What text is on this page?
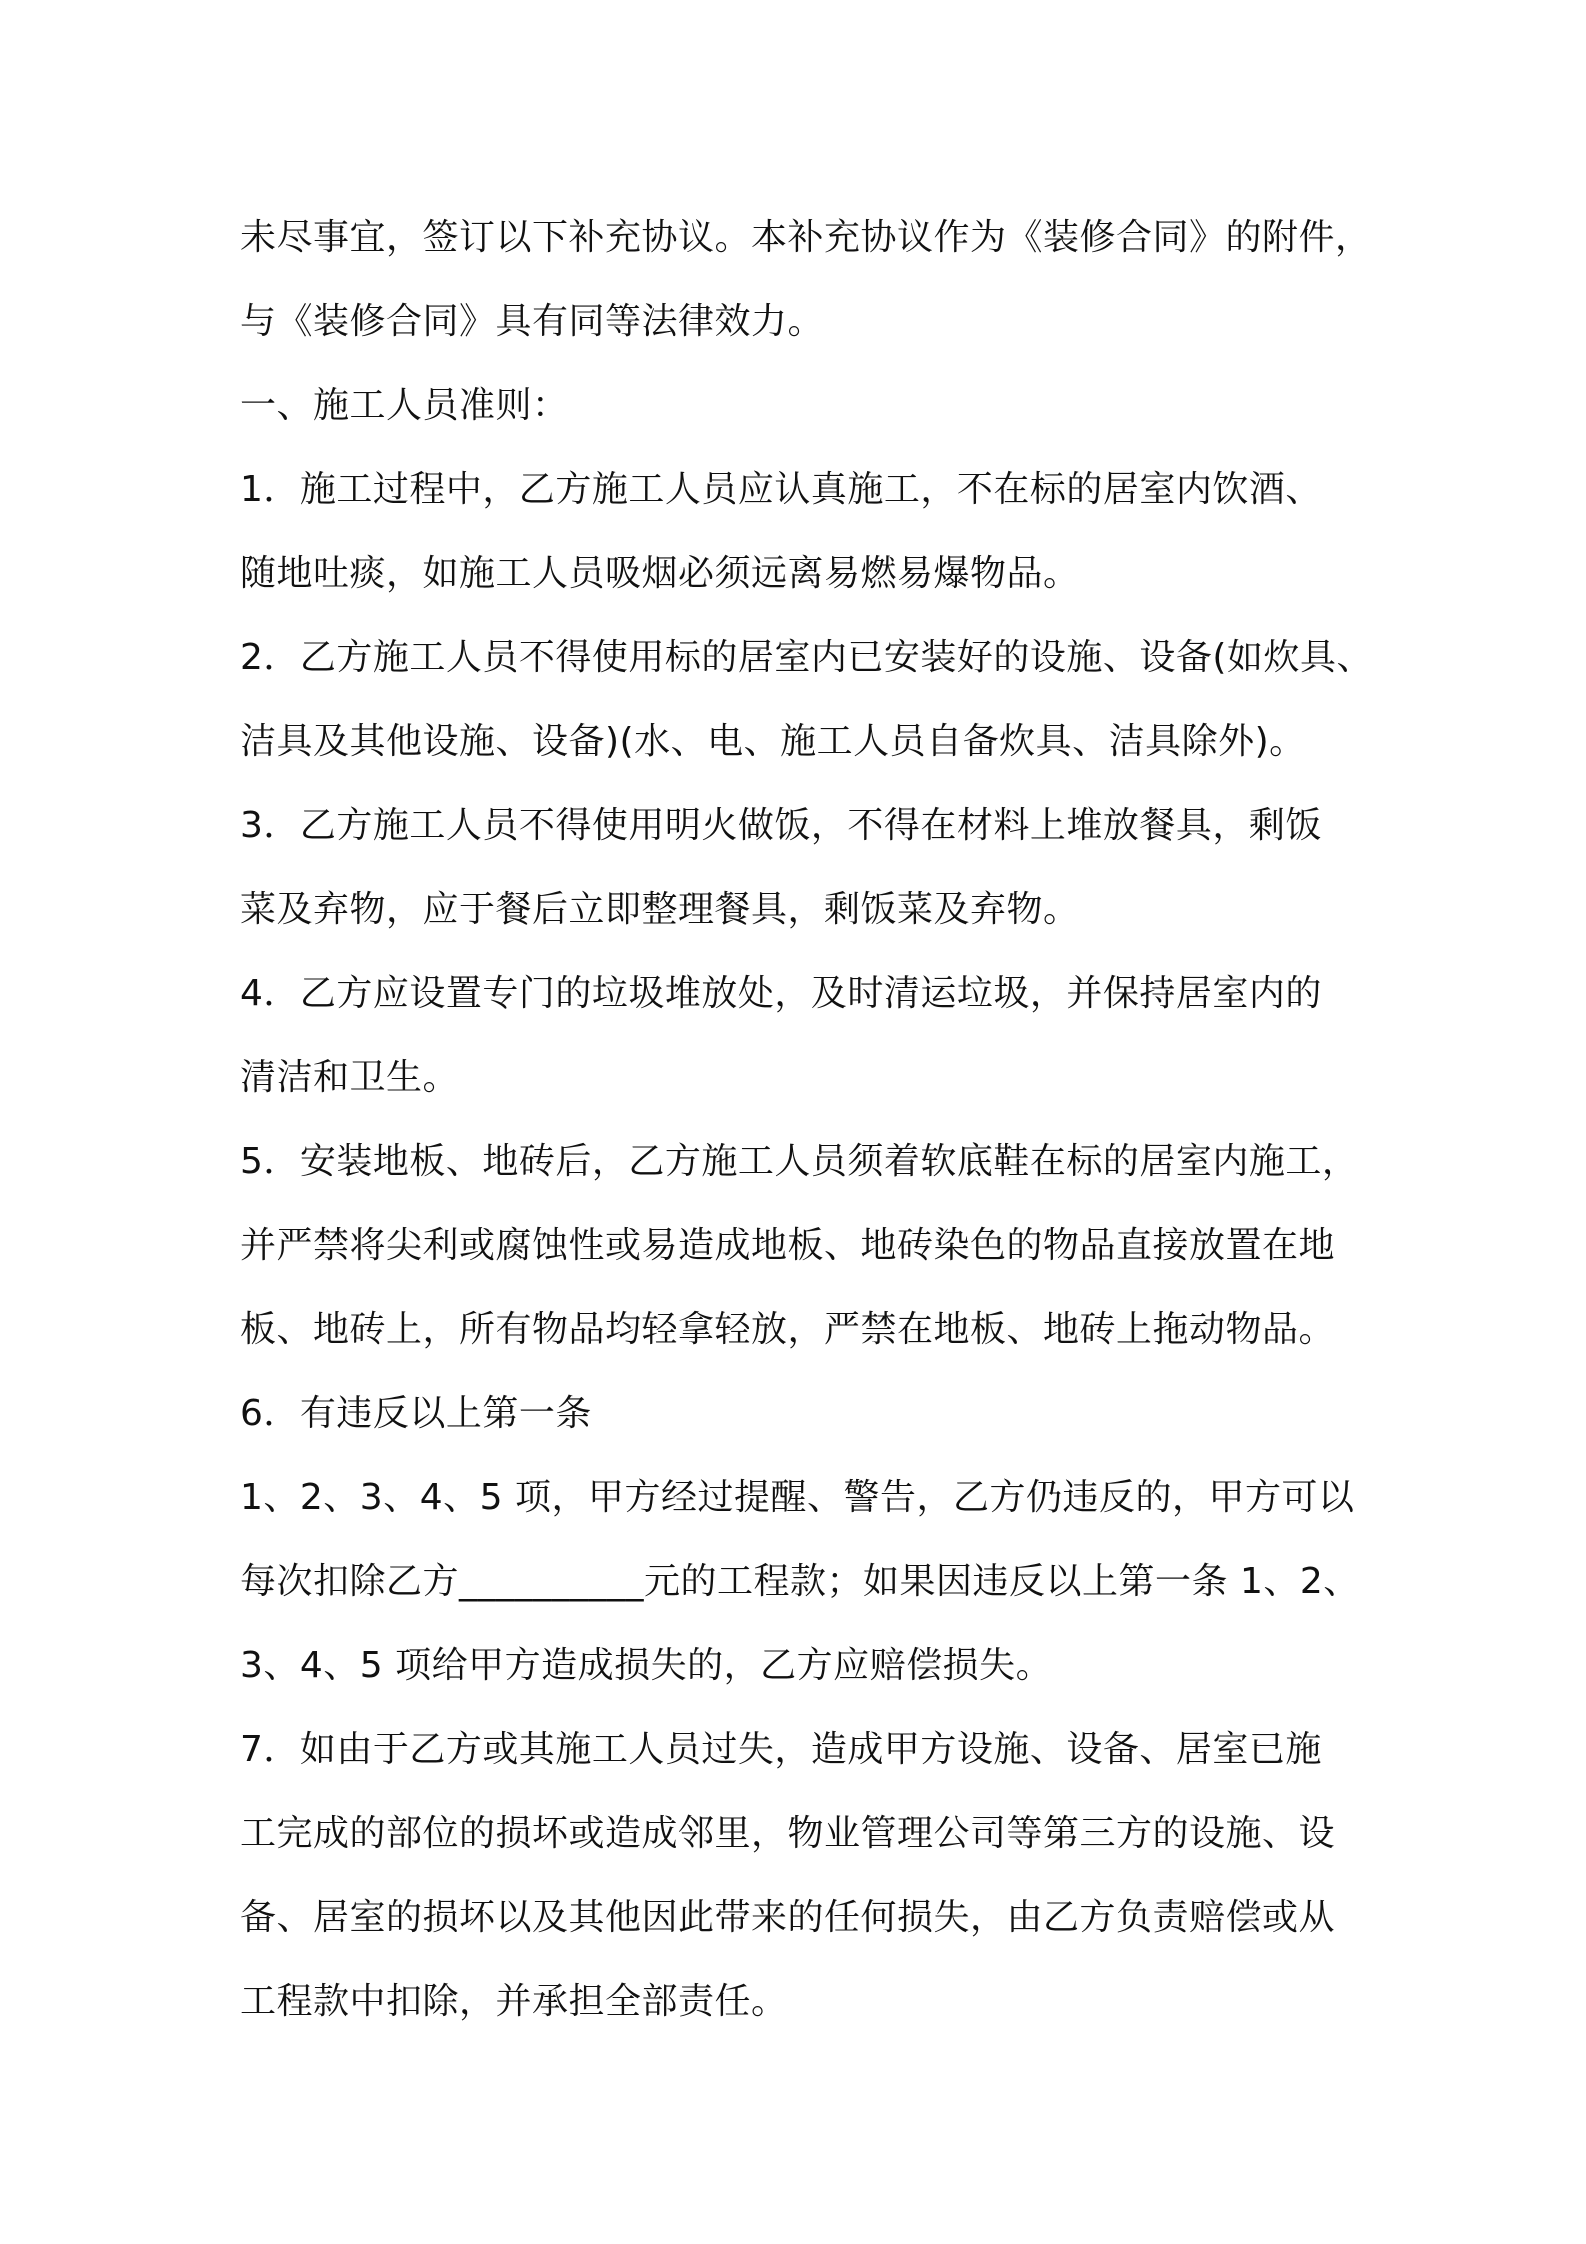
未尽事宜，签订以下补充协议。本补充协议作为《装修合同》的附件，
与《装修合同》具有同等法律效力。
一、施工人员准则：
1．施工过程中，乙方施工人员应认真施工，不在标的居室内饮酒、
随地吐痰，如施工人员吸烟必须远离易燃易爆物品。
2．乙方施工人员不得使用标的居室内已安装好的设施、设备(如炊具、
洁具及其他设施、设备)(水、电、施工人员自备炊具、洁具除外)。
3．乙方施工人员不得使用明火做饭，不得在材料上堆放餐具，剩饭
菜及弃物，应于餐后立即整理餐具，剩饭菜及弃物。
4．乙方应设置专门的垃圾堆放处，及时清运垃圾，并保持居室内的
清洁和卫生。
5．安装地板、地砖后，乙方施工人员须着软底鞋在标的居室内施工，
并严禁将尖利或腐蚀性或易造成地板、地砖染色的物品直接放置在地
板、地砖上，所有物品均轻拿轻放，严禁在地板、地砖上拖动物品。
6．有违反以上第一条
1、2、3、4、5 项，甲方经过提醒、警告，乙方仍违反的，甲方可以
每次扣除乙方__________元的工程款；如果因违反以上第一条 1、2、
3、4、5 项给甲方造成损失的，乙方应赔偿损失。
7．如由于乙方或其施工人员过失，造成甲方设施、设备、居室已施
工完成的部位的损坏或造成邻里，物业管理公司等第三方的设施、设
备、居室的损坏以及其他因此带来的任何损失，由乙方负责赔偿或从
工程款中扣除，并承担全部责任。
